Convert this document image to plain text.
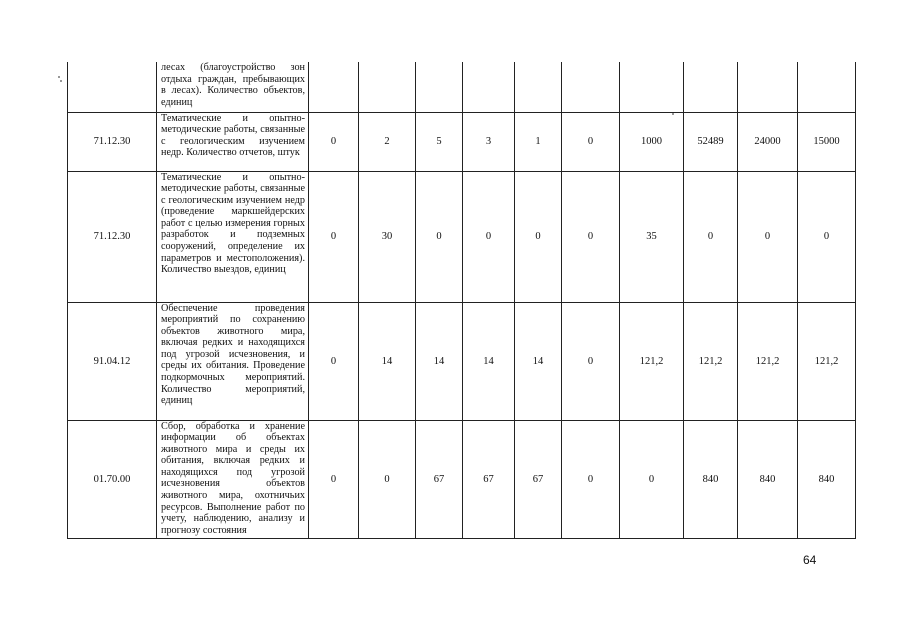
	лесах (благоустройство зон отдыха граждан, пребывающих в лесах). Количество объектов, единиц										
71.12.30	Тематические и опытно-методические работы, связанные с геологическим изучением недр. Количество отчетов, штук	0	2	5	3	1	0	1000	52489	24000	15000
71.12.30	Тематические и опытно-методические работы, связанные с геологическим изучением недр (проведение маркшейдерских работ с целью измерения горных разработок и подземных сооружений, определение их параметров и местоположения). Количество выездов, единиц	0	30	0	0	0	0	35	0	0	0
91.04.12	Обеспечение проведения мероприятий по сохранению объектов животного мира, включая редких и находящихся под угрозой исчезновения, и среды их обитания. Проведение подкормочных мероприятий. Количество мероприятий, единиц	0	14	14	14	14	0	121,2	121,2	121,2	121,2
01.70.00	Сбор, обработка и хранение информации об объектах животного мира и среды их обитания, включая редких и находящихся под угрозой исчезновения объектов животного мира, охотничьих ресурсов. Выполнение работ по учету, наблюдению, анализу и прогнозу состояния	0	0	67	67	67	0	0	840	840	840
64
